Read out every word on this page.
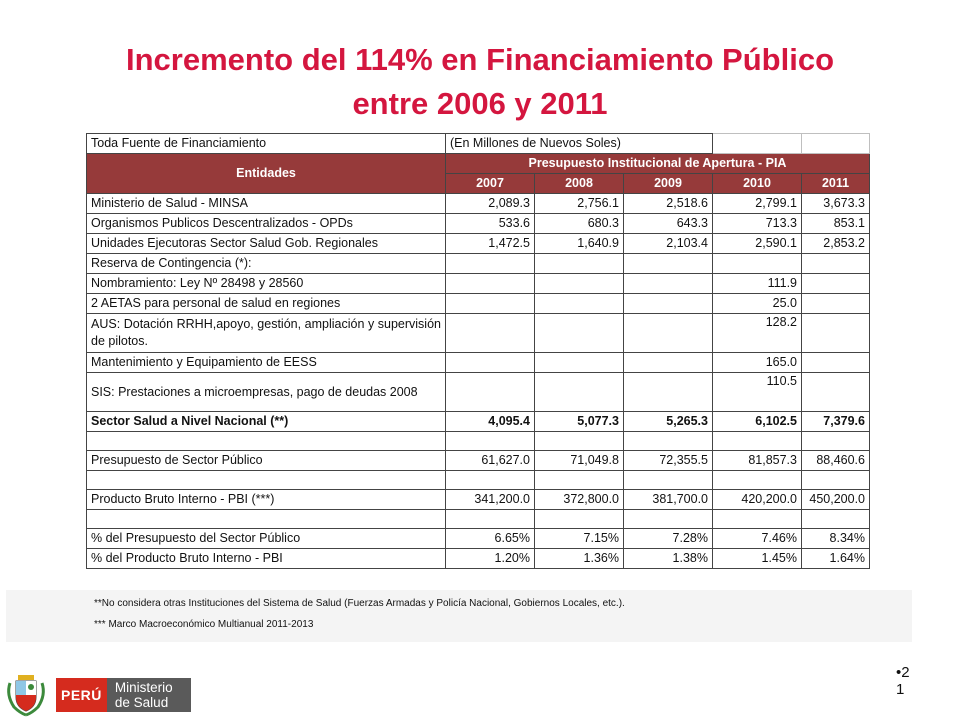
Incremento del 114% en Financiamiento Público
entre 2006 y 2011
Toda Fuente de Financiamiento	(En Millones de Nuevos Soles)				
Entidades	Presupuesto Institucional de Apertura - PIA				
	2007	2008	2009	2010	2011
Ministerio de Salud - MINSA	2,089.3	2,756.1	2,518.6	2,799.1	3,673.3
Organismos Publicos Descentralizados - OPDs	533.6	680.3	643.3	713.3	853.1
Unidades Ejecutoras Sector Salud Gob. Regionales	1,472.5	1,640.9	2,103.4	2,590.1	2,853.2
Reserva de Contingencia (*):					
Nombramiento: Ley Nº 28498 y 28560				111.9	
2 AETAS para personal de salud en regiones				25.0	
AUS: Dotación RRHH,apoyo, gestión, ampliación y supervisión de pilotos.				128.2	
Mantenimiento y Equipamiento de EESS				165.0	
SIS: Prestaciones a microempresas, pago de deudas 2008				110.5	
Sector Salud a Nivel Nacional (**)	4,095.4	5,077.3	5,265.3	6,102.5	7,379.6

Presupuesto de Sector Público	61,627.0	71,049.8	72,355.5	81,857.3	88,460.6

Producto Bruto Interno - PBI (***)	341,200.0	372,800.0	381,700.0	420,200.0	450,200.0

% del Presupuesto del Sector Público	6.65%	7.15%	7.28%	7.46%	8.34%
% del Producto Bruto Interno - PBI	1.20%	1.36%	1.38%	1.45%	1.64%
**No considera otras Instituciones del Sistema de Salud (Fuerzas Armadas y Policía Nacional, Gobiernos Locales, etc.).
*** Marco Macroeconómico Multianual 2011-2013
•2
1
PERÚ Ministerio
de Salud
